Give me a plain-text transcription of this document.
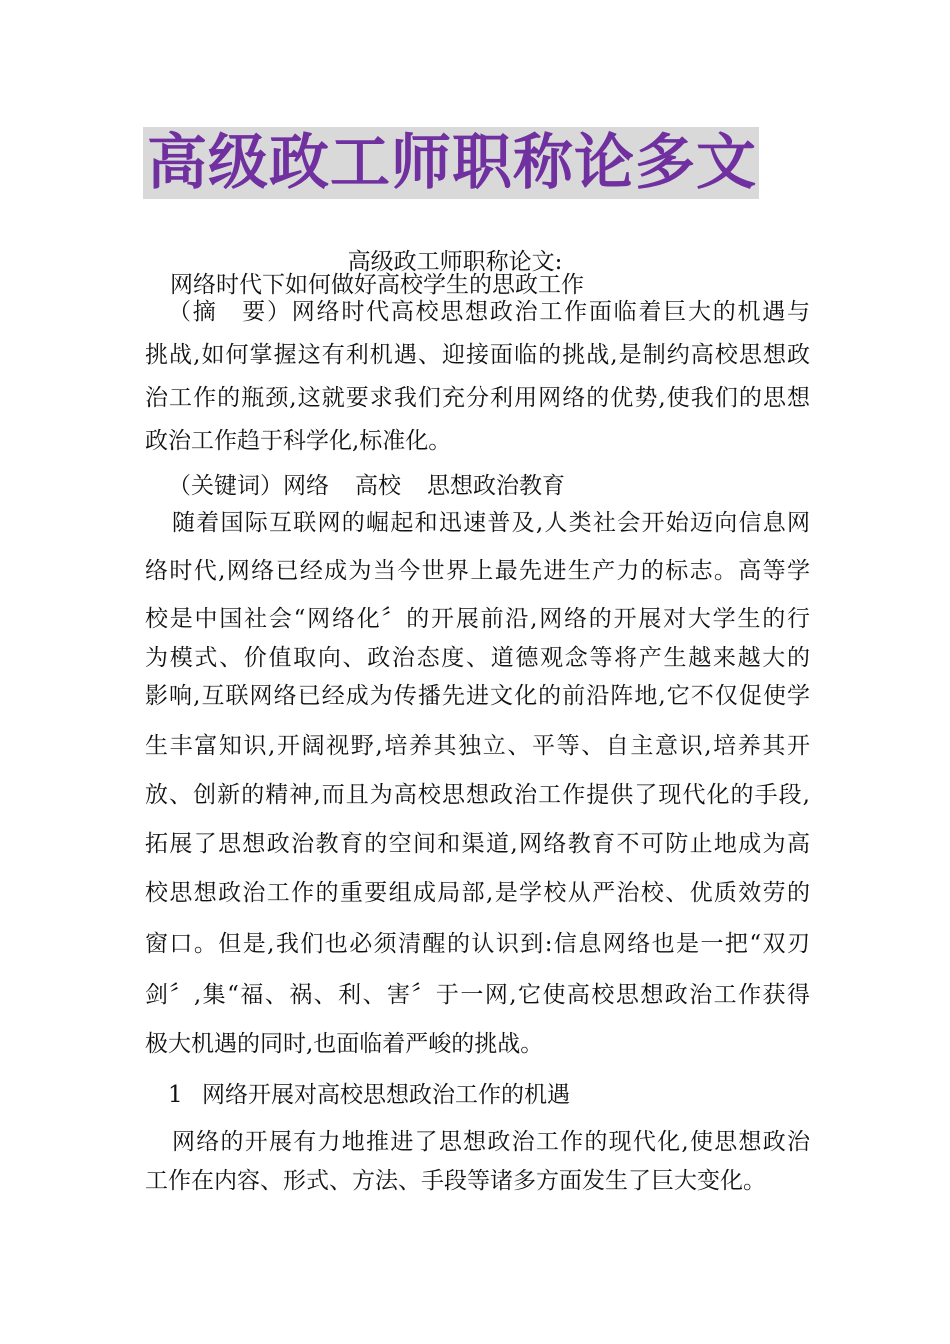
高级政工师职称论多文

高级政工师职称论文:

网络时代下如何做好高校学生的思政工作

（摘　要）网络时代高校思想政治工作面临着巨大的机遇与

挑战,如何掌握这有利机遇、迎接面临的挑战,是制约高校思想政

治工作的瓶颈,这就要求我们充分利用网络的优势,使我们的思想

政治工作趋于科学化,标准化。

（关键词）网络 高校 思想政治教育

随着国际互联网的崛起和迅速普及,人类社会开始迈向信息网

络时代,网络已经成为当今世界上最先进生产力的标志。高等学

校是中国社会“网络化〞的开展前沿,网络的开展对大学生的行

为模式、价值取向、政治态度、道德观念等将产生越来越大的

影响,互联网络已经成为传播先进文化的前沿阵地,它不仅促使学

生丰富知识,开阔视野,培养其独立、平等、自主意识,培养其开

放、创新的精神,而且为高校思想政治工作提供了现代化的手段,

拓展了思想政治教育的空间和渠道,网络教育不可防止地成为高

校思想政治工作的重要组成局部,是学校从严治校、优质效劳的

窗口。但是,我们也必须清醒的认识到:信息网络也是一把“双刃

剑〞,集“福、祸、利、害〞于一网,它使高校思想政治工作获得

极大机遇的同时,也面临着严峻的挑战。

1 网络开展对高校思想政治工作的机遇

网络的开展有力地推进了思想政治工作的现代化,使思想政治

工作在内容、形式、方法、手段等诸多方面发生了巨大变化。
